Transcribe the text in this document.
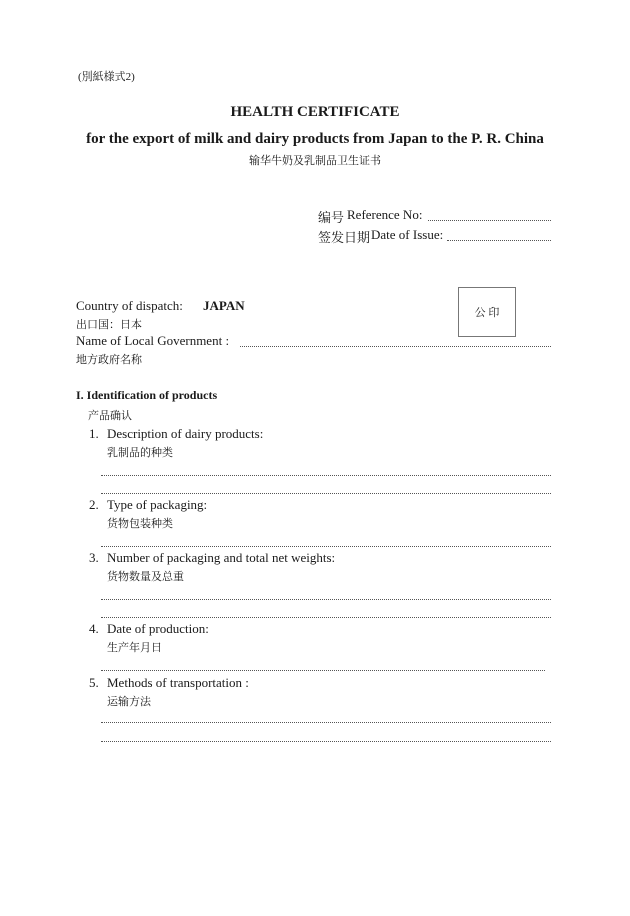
(別紙様式2)
HEALTH CERTIFICATE
for the export of milk and dairy products from Japan to the P. R. China
输华牛奶及乳制品卫生证书
编号 Reference No:
签发日期 Date of Issue:
Country of dispatch: JAPAN
出口国：日本
公 印
Name of Local Government :
地方政府名称
I. Identification of products
产品确认
1. Description of dairy products:
乳制品的种类
2. Type of packaging:
货物包装种类
3. Number of packaging and total net weights:
货物数量及总重
4. Date of production:
生产年月日
5. Methods of transportation :
运输方法
